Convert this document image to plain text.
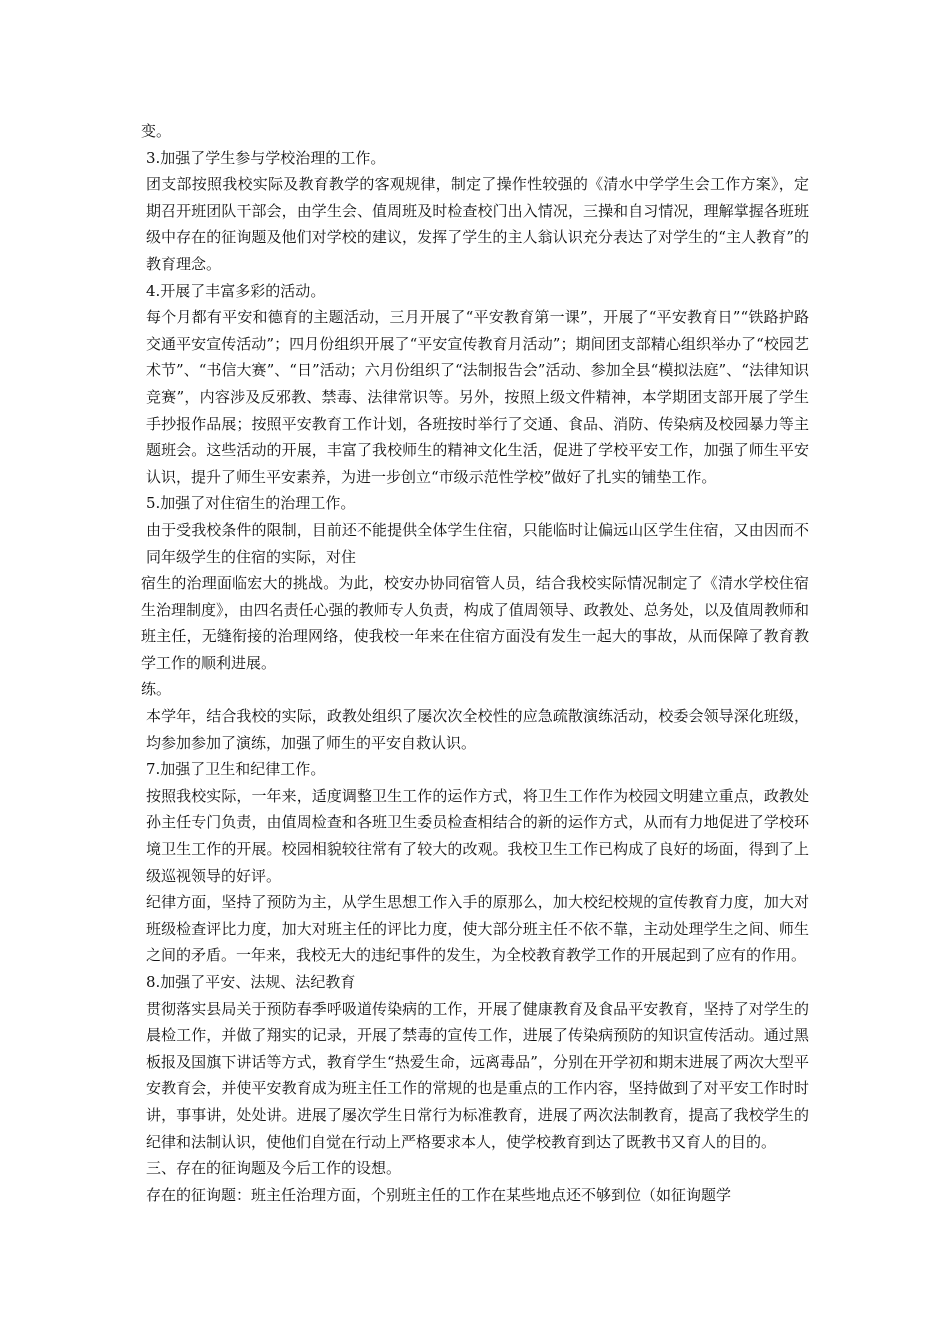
变。

3.加强了学生参与学校治理的工作。

团支部按照我校实际及教育教学的客观规律，制定了操作性较强的《清水中学学生会工作方案》，定期召开班团队干部会，由学生会、值周班及时检查校门出入情况，三操和自习情况，理解掌握各班班级中存在的征询题及他们对学校的建议，发挥了学生的主人翁认识充分表达了对学生的“主人教育”的教育理念。

4.开展了丰富多彩的活动。

每个月都有平安和德育的主题活动，三月开展了“平安教育第一课”，开展了“平安教育日”“铁路护路交通平安宣传活动”；四月份组织开展了“平安宣传教育月活动”；期间团支部精心组织举办了“校园艺术节”、“书信大赛”、“日”活动；六月份组织了“法制报告会”活动、参加全县“模拟法庭”、“法律知识竞赛”，内容涉及反邪教、禁毒、法律常识等。另外，按照上级文件精神，本学期团支部开展了学生手抄报作品展；按照平安教育工作计划，各班按时举行了交通、食品、消防、传染病及校园暴力等主题班会。这些活动的开展，丰富了我校师生的精神文化生活，促进了学校平安工作，加强了师生平安认识，提升了师生平安素养，为进一步创立“市级示范性学校”做好了扎实的铺垫工作。

5.加强了对住宿生的治理工作。

由于受我校条件的限制，目前还不能提供全体学生住宿，只能临时让偏远山区学生住宿，又由因而不同年级学生的住宿的实际，对住

宿生的治理面临宏大的挑战。为此，校安办协同宿管人员，结合我校实际情况制定了《清水学校住宿生治理制度》，由四名责任心强的教师专人负责，构成了值周领导、政教处、总务处，以及值周教师和班主任，无缝衔接的治理网络，使我校一年来在住宿方面没有发生一起大的事故，从而保障了教育教学工作的顺利进展。

练。

本学年，结合我校的实际，政教处组织了屡次次全校性的应急疏散演练活动，校委会领导深化班级，均参加参加了演练，加强了师生的平安自救认识。

7.加强了卫生和纪律工作。

按照我校实际，一年来，适度调整卫生工作的运作方式，将卫生工作作为校园文明建立重点，政教处孙主任专门负责，由值周检查和各班卫生委员检查相结合的新的运作方式，从而有力地促进了学校环境卫生工作的开展。校园相貌较往常有了较大的改观。我校卫生工作已构成了良好的场面，得到了上级巡视领导的好评。

纪律方面，坚持了预防为主，从学生思想工作入手的原那么，加大校纪校规的宣传教育力度，加大对班级检查评比力度，加大对班主任的评比力度，使大部分班主任不依不靠，主动处理学生之间、师生之间的矛盾。一年来，我校无大的违纪事件的发生，为全校教育教学工作的开展起到了应有的作用。

8.加强了平安、法规、法纪教育

贯彻落实县局关于预防春季呼吸道传染病的工作，开展了健康教育及食品平安教育，坚持了对学生的晨检工作，并做了翔实的记录，开展了禁毒的宣传工作，进展了传染病预防的知识宣传活动。通过黑板报及国旗下讲话等方式，教育学生“热爱生命，远离毒品”，分别在开学初和期末进展了两次大型平安教育会，并使平安教育成为班主任工作的常规的也是重点的工作内容，坚持做到了对平安工作时时讲，事事讲，处处讲。进展了屡次学生日常行为标准教育，进展了两次法制教育，提高了我校学生的纪律和法制认识，使他们自觉在行动上严格要求本人，使学校教育到达了既教书又育人的目的。

三、存在的征询题及今后工作的设想。

存在的征询题：班主任治理方面，个别班主任的工作在某些地点还不够到位（如征询题学
